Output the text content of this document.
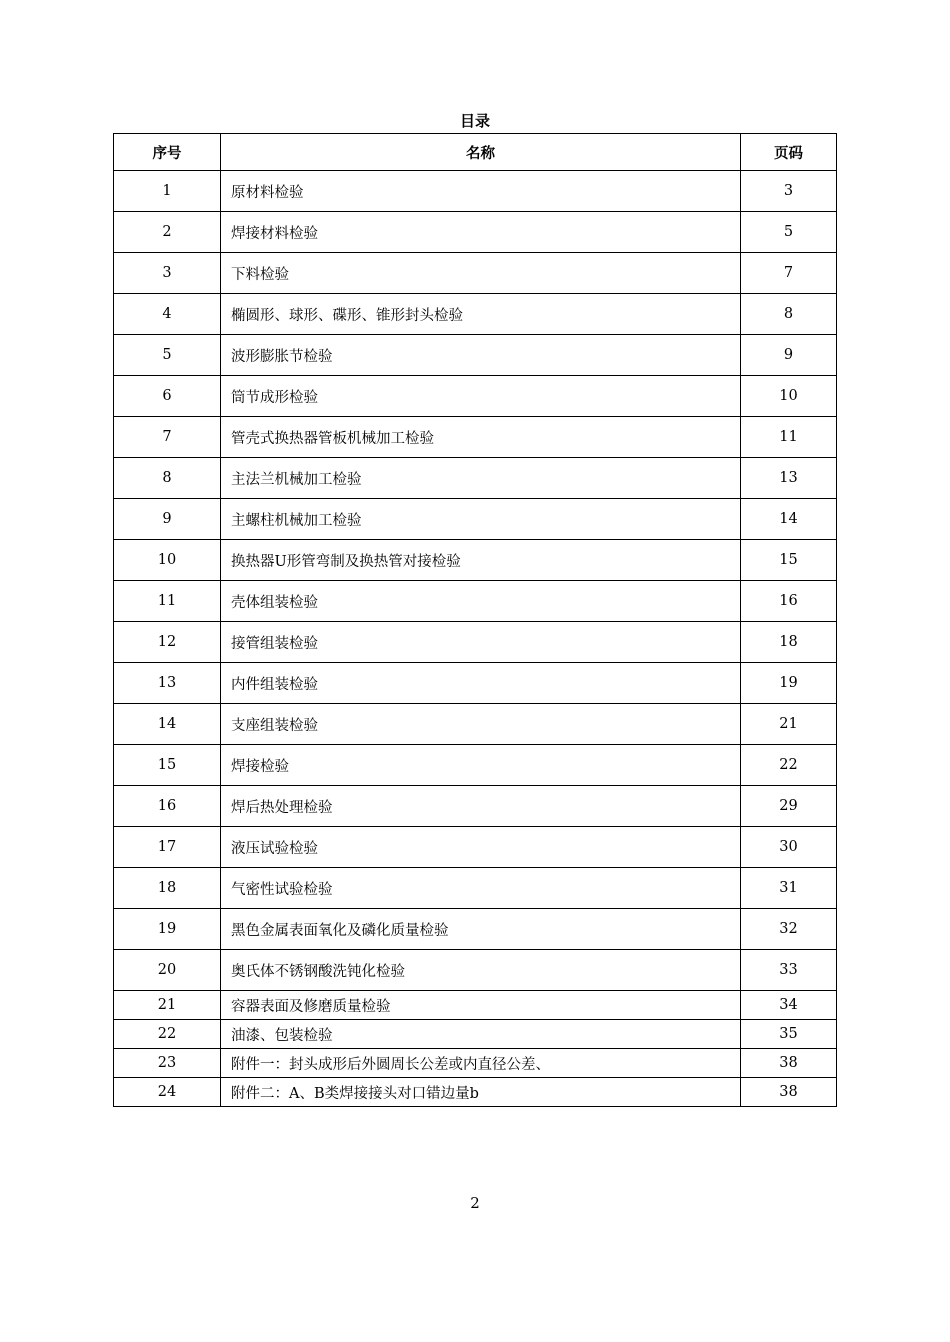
目录
序号	名称	页码
1	原材料检验	3
2	焊接材料检验	5
3	下料检验	7
4	椭圆形、球形、碟形、锥形封头检验	8
5	波形膨胀节检验	9
6	筒节成形检验	10
7	管壳式换热器管板机械加工检验	11
8	主法兰机械加工检验	13
9	主螺柱机械加工检验	14
10	换热器U形管弯制及换热管对接检验	15
11	壳体组装检验	16
12	接管组装检验	18
13	内件组装检验	19
14	支座组装检验	21
15	焊接检验	22
16	焊后热处理检验	29
17	液压试验检验	30
18	气密性试验检验	31
19	黑色金属表面氧化及磷化质量检验	32
20	奥氏体不锈钢酸洗钝化检验	33
21	容器表面及修磨质量检验	34
22	油漆、包装检验	35
23	附件一：封头成形后外圆周长公差或内直径公差、	38
24	附件二：A、B类焊接接头对口错边量b	38
2
